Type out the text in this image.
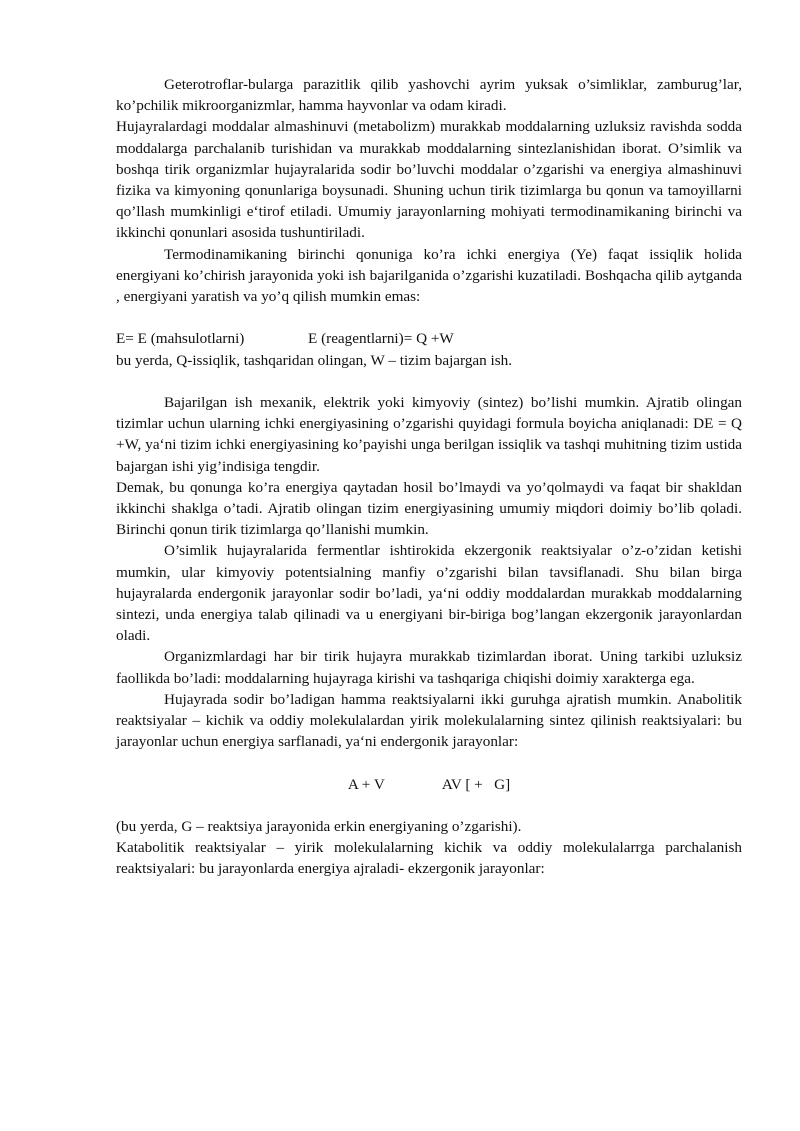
Geterotroflar-bularga parazitlik qilib yashovchi ayrim yuksak o’simliklar, zamburug’lar, ko’pchilik mikroorganizmlar, hamma hayvonlar va odam kiradi.

Hujayralardagi moddalar almashinuvi (metabolizm) murakkab moddalarning uzluksiz ravishda sodda moddalarga parchalanib turishidan va murakkab moddalarning sintezlanishidan iborat. O’simlik va boshqa tirik organizmlar hujayralarida sodir bo’luvchi moddalar o’zgarishi va energiya almashinuvi fizika va kimyoning qonunlariga boysunadi. Shuning uchun tirik tizimlarga bu qonun va tamoyillarni qo’llash mumkinligi e‘tirof etiladi. Umumiy jarayonlarning mohiyati termodinamikaning birinchi va ikkinchi qonunlari asosida tushuntiriladi.

Termodinamikaning birinchi qonuniga ko’ra ichki energiya (Ye) faqat issiqlik holida energiyani ko’chirish jarayonida yoki ish bajarilganida o’zgarishi kuzatiladi. Boshqacha qilib aytganda , energiyani yaratish va yo’q qilish mumkin emas:

E= E (mahsulotlarni)	E (reagentlarni)= Q +W

bu yerda, Q-issiqlik, tashqaridan olingan, W – tizim bajargan ish.

Bajarilgan ish mexanik, elektrik yoki kimyoviy (sintez) bo’lishi mumkin. Ajratib olingan tizimlar uchun ularning ichki energiyasining o’zgarishi quyidagi formula boyicha aniqlanadi: DE = Q +W, ya‘ni tizim ichki energiyasining ko’payishi unga berilgan issiqlik va tashqi muhitning tizim ustida bajargan ishi yig’indisiga tengdir.

Demak, bu qonunga ko’ra energiya qaytadan hosil bo’lmaydi va yo’qolmaydi va faqat bir shakldan ikkinchi shaklga o’tadi. Ajratib olingan tizim energiyasining umumiy miqdori doimiy bo’lib qoladi. Birinchi qonun tirik tizimlarga qo’llanishi mumkin.

O’simlik hujayralarida fermentlar ishtirokida ekzergonik reaktsiyalar o’z-o’zidan ketishi mumkin, ular kimyoviy potentsialning manfiy o’zgarishi bilan tavsiflanadi. Shu bilan birga hujayralarda endergonik jarayonlar sodir bo’ladi, ya‘ni oddiy moddalardan murakkab moddalarning sintezi, unda energiya talab qilinadi va u energiyani bir-biriga bog’langan ekzergonik jarayonlardan oladi.

Organizmlardagi har bir tirik hujayra murakkab tizimlardan iborat. Uning tarkibi uzluksiz faollikda bo’ladi: moddalarning hujayraga kirishi va tashqariga chiqishi doimiy xarakterga ega.

Hujayrada sodir bo’ladigan hamma reaktsiyalarni ikki guruhga ajratish mumkin. Anabolitik reaktsiyalar – kichik va oddiy molekulalardan yirik molekulalarning sintez qilinish reaktsiyalari: bu jarayonlar uchun energiya sarflanadi, ya‘ni endergonik jarayonlar:

A + V	AV [ +   G]

(bu yerda, G – reaktsiya jarayonida erkin energiyaning o’zgarishi).

Katabolitik reaktsiyalar – yirik molekulalarning kichik va oddiy molekulalarrga parchalanish reaktsiyalari: bu jarayonlarda energiya ajraladi- ekzergonik jarayonlar:
